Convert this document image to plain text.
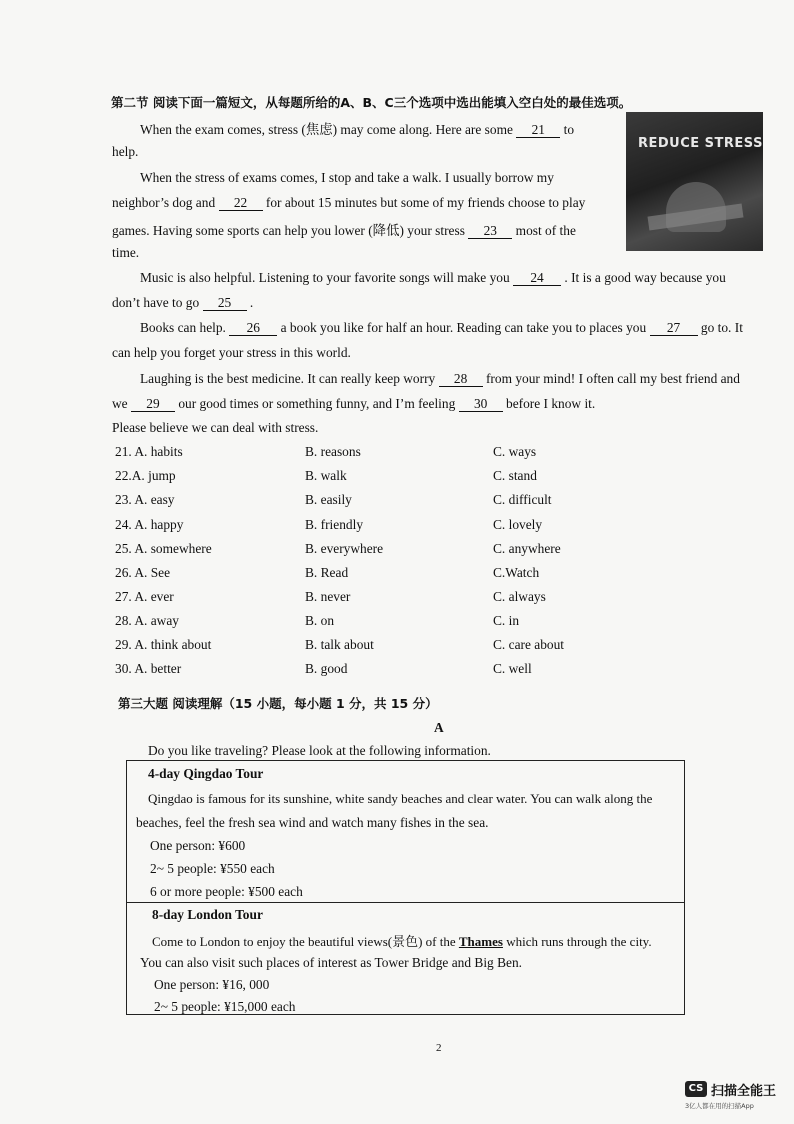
第二节 阅读下面一篇短文，从每题所给的A、B、C三个选项中选出能填入空白处的最佳选项。
REDUCE STRESS
When the exam comes, stress (焦虑) may come along. Here are some 21 to
help.
When the stress of exams comes, I stop and take a walk. I usually borrow my
neighbor’s dog and 22 for about 15 minutes but some of my friends choose to play
games. Having some sports can help you lower (降低) your stress 23 most of the
time.
Music is also helpful. Listening to your favorite songs will make you 24 . It is a good way because you
don’t have to go 25 .
Books can help. 26 a book you like for half an hour. Reading can take you to places you 27 go to. It
can help you forget your stress in this world.
Laughing is the best medicine. It can really keep worry 28 from your mind! I often call my best friend and
we 29 our good times or something funny, and I’m feeling 30 before I know it.
Please believe we can deal with stress.
21. A. habits	B. reasons	C. ways
22.A. jump	B. walk	C. stand
23. A. easy	B. easily	C. difficult
24. A. happy	B. friendly	C. lovely
25. A. somewhere	B. everywhere	C. anywhere
26. A. See	B. Read	C.Watch
27. A. ever	B. never	C. always
28. A. away	B. on	C. in
29. A. think about	B. talk about	C. care about
30. A. better	B. good	C. well
第三大题 阅读理解（15 小题，每小题 1 分，共 15 分）
A
Do you like traveling? Please look at the following information.
4-day Qingdao Tour
Qingdao is famous for its sunshine, white sandy beaches and clear water. You can walk along the
beaches, feel the fresh sea wind and watch many fishes in the sea.
One person: ¥600
2~ 5 people: ¥550 each
6 or more people: ¥500 each
8-day London Tour
Come to London to enjoy the beautiful views(景色) of the Thames which runs through the city.
You can also visit such places of interest as Tower Bridge and Big Ben.
One person: ¥16, 000
2~ 5 people: ¥15,000 each
2
CS 扫描全能王
3亿人都在用的扫描App
